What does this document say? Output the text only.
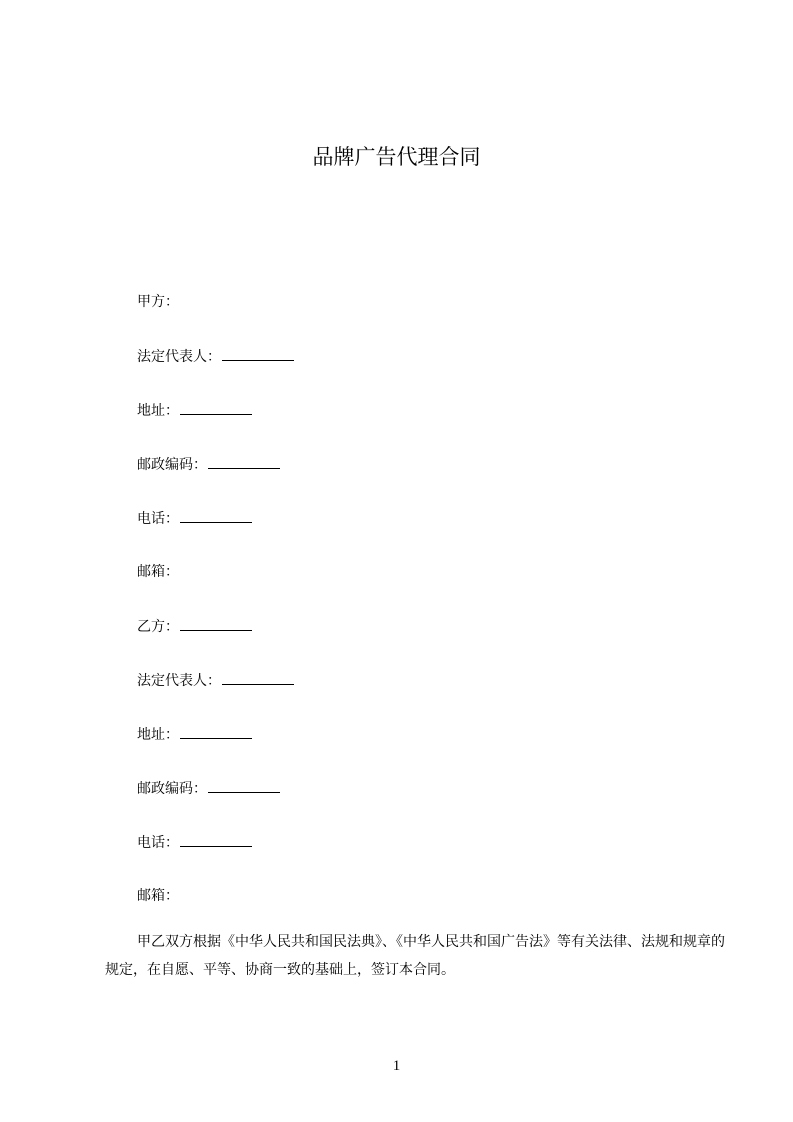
品牌广告代理合同
甲方：
法定代表人：
地址：
邮政编码：
电话：
邮箱：
乙方：
法定代表人：
地址：
邮政编码：
电话：
邮箱：
甲乙双方根据《中华人民共和国民法典》、《中华人民共和国广告法》等有关法律、法规和规章的规定，在自愿、平等、协商一致的基础上，签订本合同。
1
